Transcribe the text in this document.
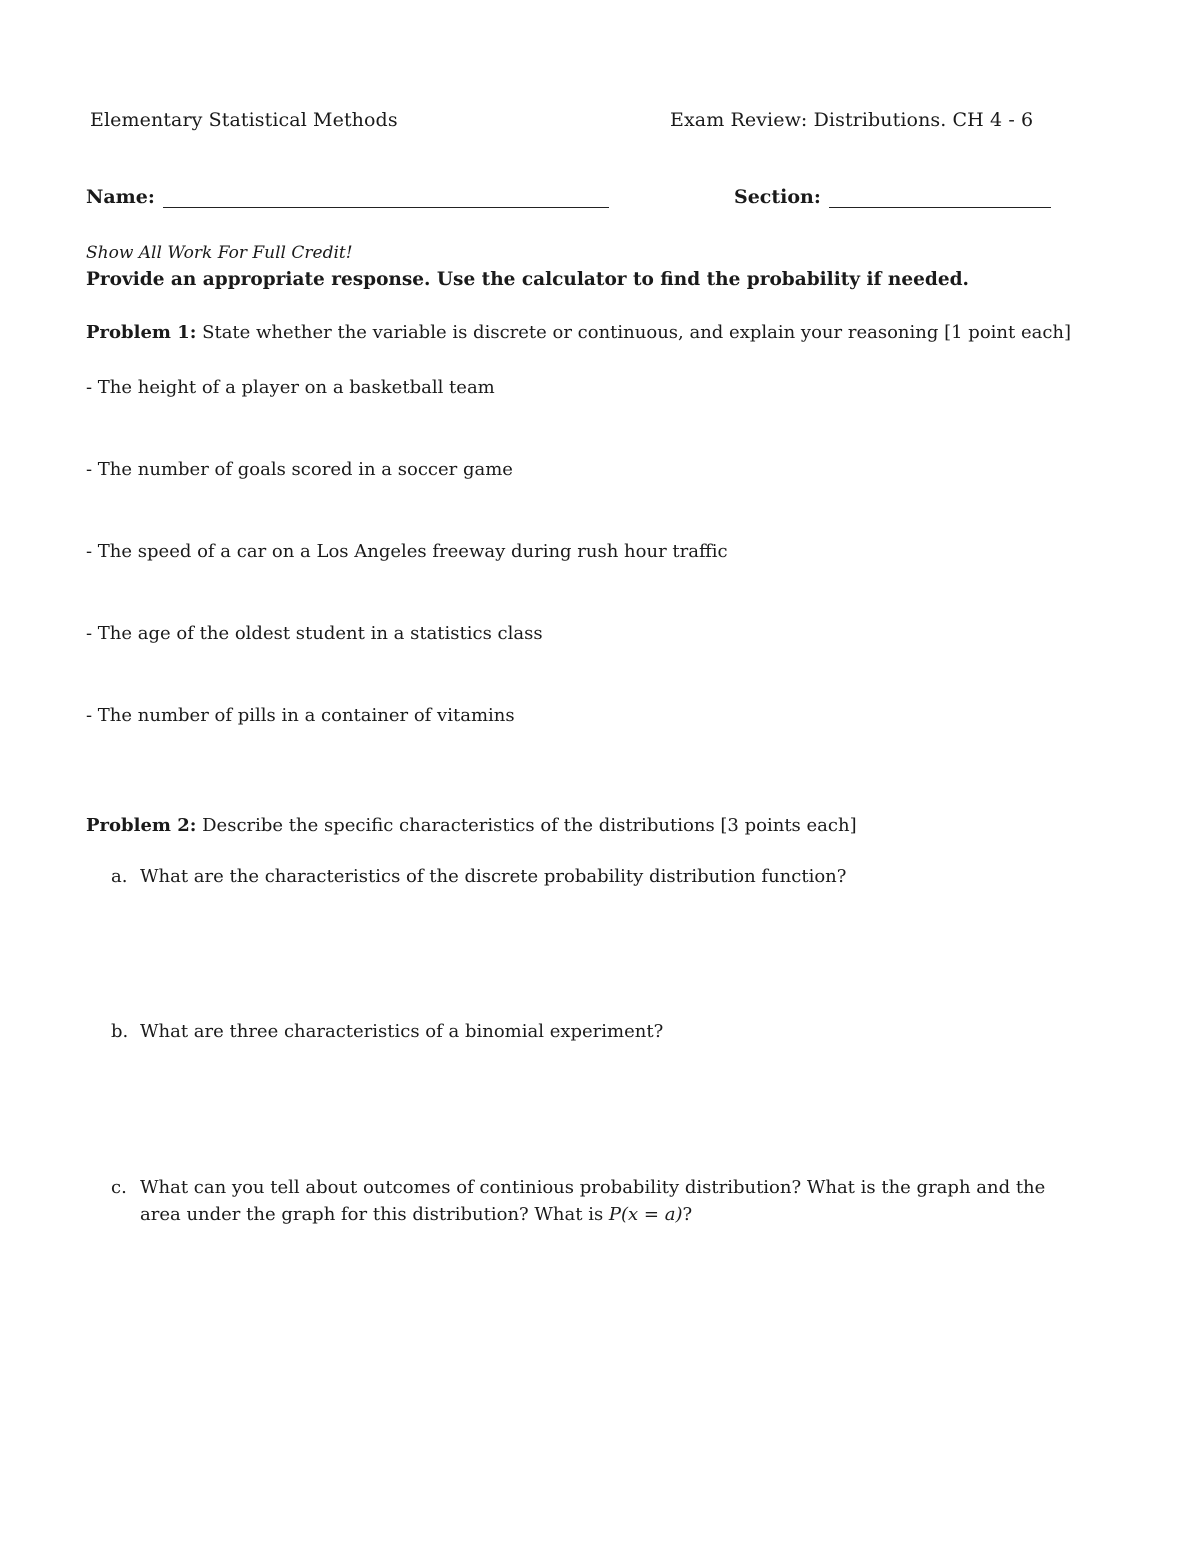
Elementary Statistical Methods	Exam Review: Distributions. CH 4 - 6
Name:	Section:
Show All Work For Full Credit!
Provide an appropriate response. Use the calculator to find the probability if needed.
Problem 1: State whether the variable is discrete or continuous, and explain your reasoning [1 point each]
- The height of a player on a basketball team
- The number of goals scored in a soccer game
- The speed of a car on a Los Angeles freeway during rush hour traffic
- The age of the oldest student in a statistics class
- The number of pills in a container of vitamins
Problem 2: Describe the specific characteristics of the distributions [3 points each]
a. What are the characteristics of the discrete probability distribution function?
b. What are three characteristics of a binomial experiment?
c. What can you tell about outcomes of continious probability distribution? What is the graph and the
area under the graph for this distribution? What is P(x = a)?
